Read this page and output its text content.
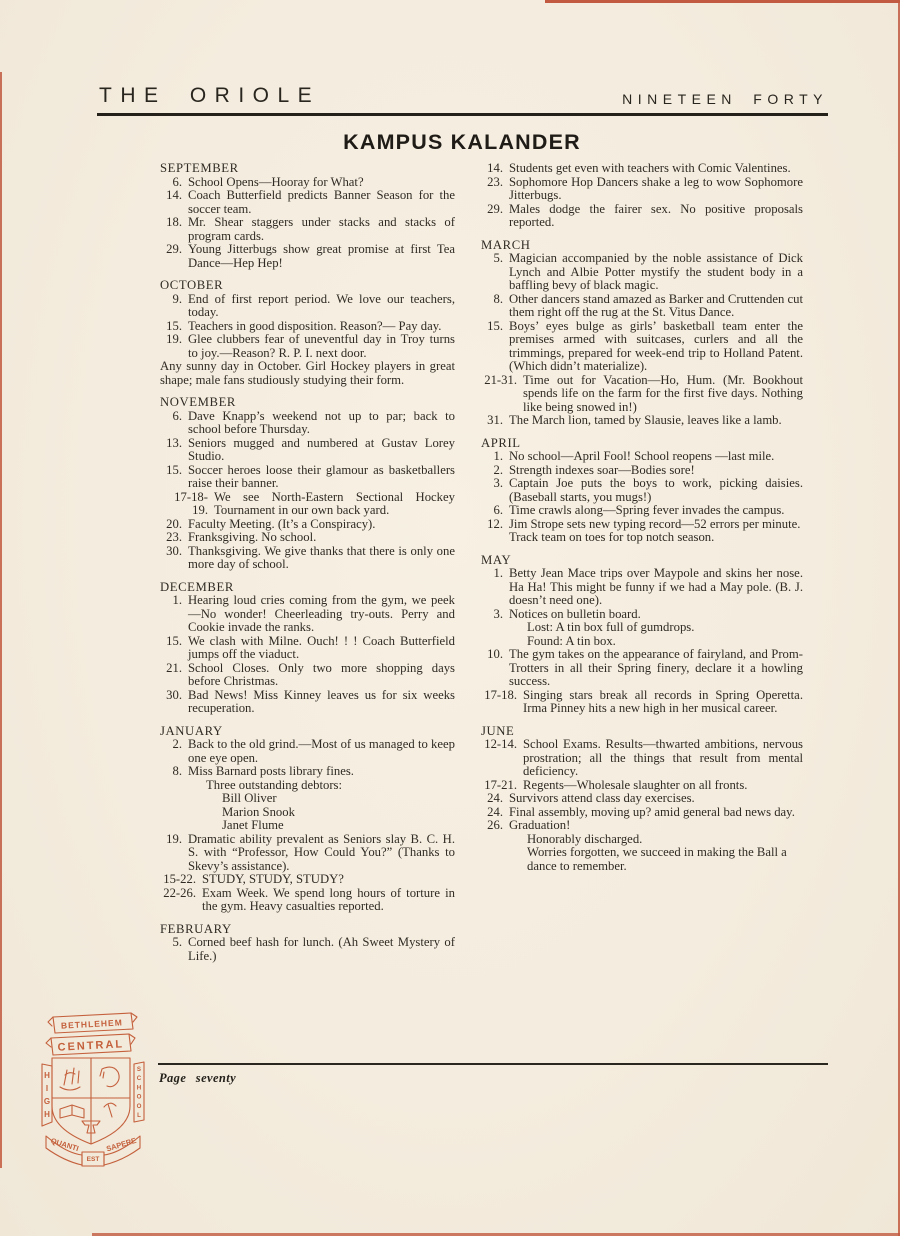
THE ORIOLE	NINETEEN FORTY
KAMPUS KALANDER
SEPTEMBER
6. School Opens—Hooray for What?
14. Coach Butterfield predicts Banner Season for the soccer team.
18. Mr. Shear staggers under stacks and stacks of program cards.
29. Young Jitterbugs show great promise at first Tea Dance—Hep Hep!
OCTOBER
9. End of first report period. We love our teachers, today.
15. Teachers in good disposition. Reason?— Pay day.
19. Glee clubbers fear of uneventful day in Troy turns to joy.—Reason? R. P. I. next door.
Any sunny day in October. Girl Hockey players in great shape; male fans studiously studying their form.
NOVEMBER
6. Dave Knapp’s weekend not up to par; back to school before Thursday.
13. Seniors mugged and numbered at Gustav Lorey Studio.
15. Soccer heroes loose their glamour as basketballers raise their banner.
17-18-19.
We see North-Eastern Sectional Hockey Tournament in our own back yard.
20. Faculty Meeting. (It’s a Conspiracy).
23. Franksgiving. No school.
30. Thanksgiving. We give thanks that there is only one more day of school.
DECEMBER
1. Hearing loud cries coming from the gym, we peek—No wonder! Cheerleading try-outs. Perry and Cookie invade the ranks.
15. We clash with Milne. Ouch! ! ! Coach Butterfield jumps off the viaduct.
21. School Closes. Only two more shopping days before Christmas.
30. Bad News! Miss Kinney leaves us for six weeks recuperation.
JANUARY
2. Back to the old grind.—Most of us managed to keep one eye open.
8. Miss Barnard posts library fines.
Three outstanding debtors:
Bill Oliver
Marion Snook
Janet Flume
19. Dramatic ability prevalent as Seniors slay B. C. H. S. with “Professor, How Could You?” (Thanks to Skevy’s assistance).
15-22. STUDY, STUDY, STUDY?
22-26. Exam Week. We spend long hours of torture in the gym. Heavy casualties reported.
FEBRUARY
5. Corned beef hash for lunch. (Ah Sweet Mystery of Life.)
14. Students get even with teachers with Comic Valentines.
23. Sophomore Hop Dancers shake a leg to wow Sophomore Jitterbugs.
29. Males dodge the fairer sex. No positive proposals reported.
MARCH
5. Magician accompanied by the noble assistance of Dick Lynch and Albie Potter mystify the student body in a baffling bevy of black magic.
8. Other dancers stand amazed as Barker and Cruttenden cut them right off the rug at the St. Vitus Dance.
15. Boys’ eyes bulge as girls’ basketball team enter the premises armed with suitcases, curlers and all the trimmings, prepared for week-end trip to Holland Patent. (Which didn’t materialize).
21-31. Time out for Vacation—Ho, Hum. (Mr. Bookhout spends life on the farm for the first five days. Nothing like being snowed in!)
31. The March lion, tamed by Slausie, leaves like a lamb.
APRIL
1. No school—April Fool! School reopens —last mile.
2. Strength indexes soar—Bodies sore!
3. Captain Joe puts the boys to work, picking daisies. (Baseball starts, you mugs!)
6. Time crawls along—Spring fever invades the campus.
12. Jim Strope sets new typing record—52 errors per minute.
Track team on toes for top notch season.
MAY
1. Betty Jean Mace trips over Maypole and skins her nose. Ha Ha! This might be funny if we had a May pole. (B. J. doesn’t need one).
3. Notices on bulletin board.
Lost: A tin box full of gumdrops.
Found: A tin box.
10. The gym takes on the appearance of fairyland, and Prom-Trotters in all their Spring finery, declare it a howling success.
17-18. Singing stars break all records in Spring Operetta. Irma Pinney hits a new high in her musical career.
JUNE
12-14. School Exams. Results—thwarted ambitions, nervous prostration; all the things that result from mental deficiency.
17-21. Regents—Wholesale slaughter on all fronts.
24. Survivors attend class day exercises.
24. Final assembly, moving up? amid general bad news day.
26. Graduation!
Honorably discharged.
Worries forgotten, we succeed in making the Ball a dance to remember.
Page seventy
BETHLEHEM
CENTRAL
H
I
G
H
S
C
H
O
O
L
QUANTI
EST
SAPERE
